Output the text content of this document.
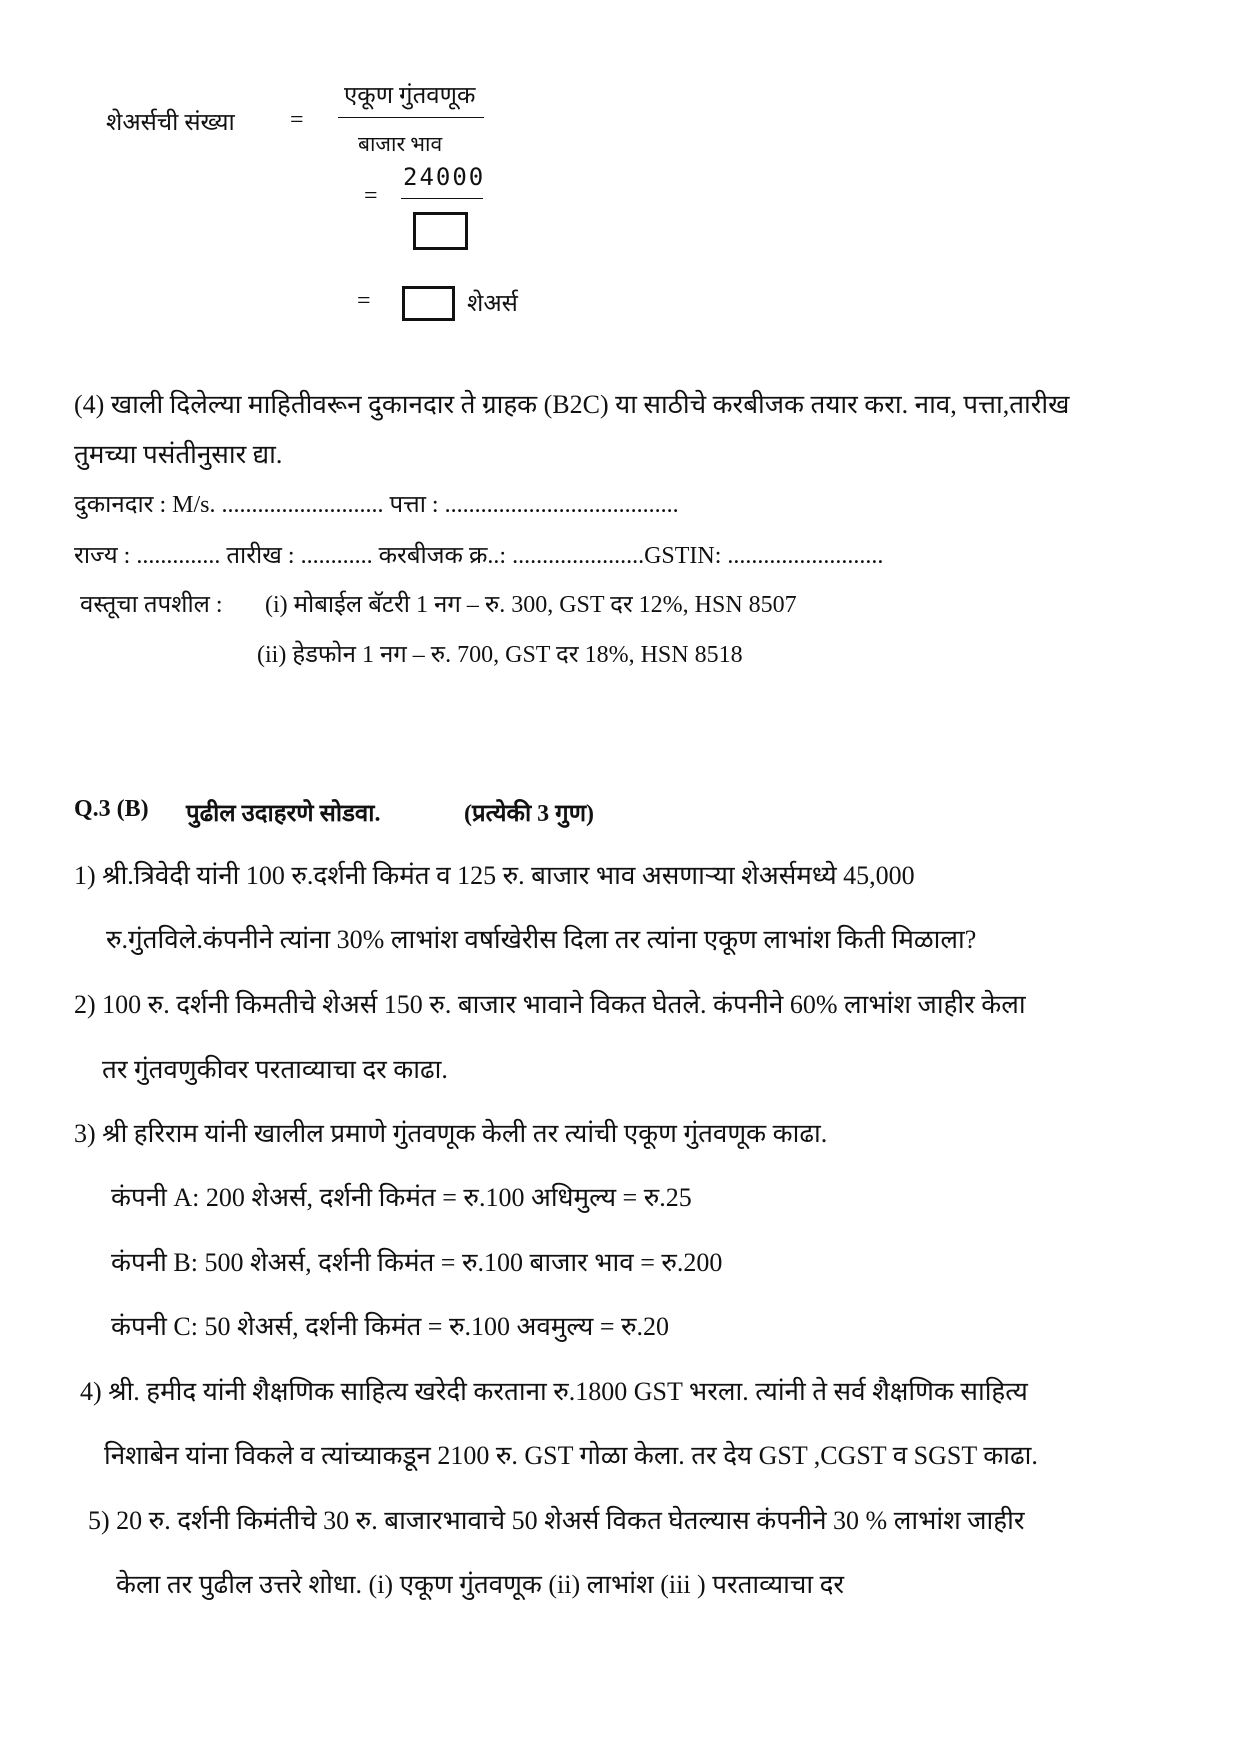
शेअर्सची संख्या =
एकूण गुंतवणूक
बाजार भाव
=
24000
=	शेअर्स
(4) खाली दिलेल्या माहितीवरून दुकानदार ते ग्राहक (B2C) या साठीचे करबीजक तयार करा. नाव, पत्ता,तारीख
तुमच्या पसंतीनुसार द्या.
दुकानदार : M/s. ........................... पत्ता : .......................................
राज्य : .............. तारीख : ............ करबीजक क्र..: ......................GSTIN: ..........................
वस्तूचा तपशील : (i) मोबाईल बॅटरी 1 नग – रु. 300, GST दर 12%, HSN 8507
(ii) हेडफोन 1 नग – रु. 700, GST दर 18%, HSN 8518
Q.3 (B) पुढील उदाहरणे सोडवा.	(प्रत्येकी 3 गुण)
1) श्री.त्रिवेदी यांनी 100 रु.दर्शनी किमंत व 125 रु. बाजार भाव असणाऱ्या शेअर्समध्ये 45,000
रु.गुंतविले.कंपनीने त्यांना 30% लाभांश वर्षाखेरीस दिला तर त्यांना एकूण लाभांश किती मिळाला?
2) 100 रु. दर्शनी किमतीचे शेअर्स 150 रु. बाजार भावाने विकत घेतले. कंपनीने 60% लाभांश जाहीर केला
तर गुंतवणुकीवर परताव्याचा दर काढा.
3) श्री हरिराम यांनी खालील प्रमाणे गुंतवणूक केली तर त्यांची एकूण गुंतवणूक काढा.
कंपनी A: 200 शेअर्स, दर्शनी किमंत = रु.100 अधिमुल्य = रु.25
कंपनी B: 500 शेअर्स, दर्शनी किमंत = रु.100 बाजार भाव = रु.200
कंपनी C: 50 शेअर्स, दर्शनी किमंत = रु.100 अवमुल्य = रु.20
4) श्री. हमीद यांनी शैक्षणिक साहित्य खरेदी करताना रु.1800 GST भरला. त्यांनी ते सर्व शैक्षणिक साहित्य
निशाबेन यांना विकले व त्यांच्याकडून 2100 रु. GST गोळा केला. तर देय GST ,CGST व SGST काढा.
5) 20 रु. दर्शनी किमंतीचे 30 रु. बाजारभावाचे 50 शेअर्स विकत घेतल्यास कंपनीने 30 % लाभांश जाहीर
केला तर पुढील उत्तरे शोधा. (i) एकूण गुंतवणूक (ii) लाभांश (iii ) परताव्याचा दर
